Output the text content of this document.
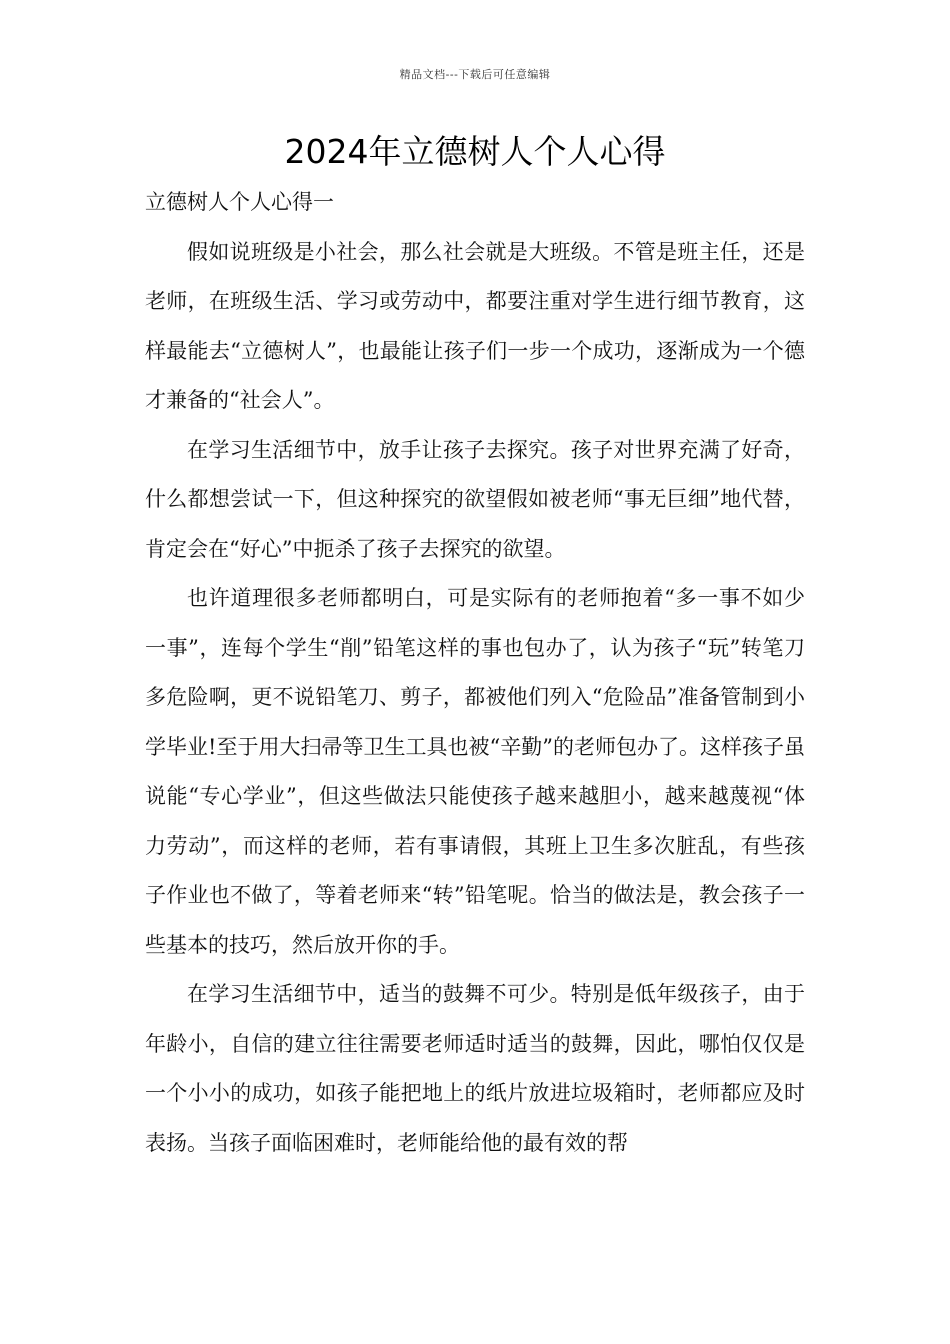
精品文档---下载后可任意编辑
2024年立德树人个人心得

立德树人个人心得一

假如说班级是小社会，那么社会就是大班级。不管是班主任，还是老师，在班级生活、学习或劳动中，都要注重对学生进行细节教育，这样最能去“立德树人”，也最能让孩子们一步一个成功，逐渐成为一个德才兼备的“社会人”。

在学习生活细节中，放手让孩子去探究。孩子对世界充满了好奇，什么都想尝试一下，但这种探究的欲望假如被老师“事无巨细”地代替，肯定会在“好心”中扼杀了孩子去探究的欲望。

也许道理很多老师都明白，可是实际有的老师抱着“多一事不如少一事”，连每个学生“削”铅笔这样的事也包办了，认为孩子“玩”转笔刀多危险啊，更不说铅笔刀、剪子，都被他们列入“危险品”准备管制到小学毕业!至于用大扫帚等卫生工具也被“辛勤”的老师包办了。这样孩子虽说能“专心学业”，但这些做法只能使孩子越来越胆小，越来越蔑视“体力劳动”，而这样的老师，若有事请假，其班上卫生多次脏乱，有些孩子作业也不做了，等着老师来“转”铅笔呢。恰当的做法是，教会孩子一些基本的技巧，然后放开你的手。

在学习生活细节中，适当的鼓舞不可少。特别是低年级孩子，由于年龄小，自信的建立往往需要老师适时适当的鼓舞，因此，哪怕仅仅是一个小小的成功，如孩子能把地上的纸片放进垃圾箱时，老师都应及时表扬。当孩子面临困难时，老师能给他的最有效的帮
